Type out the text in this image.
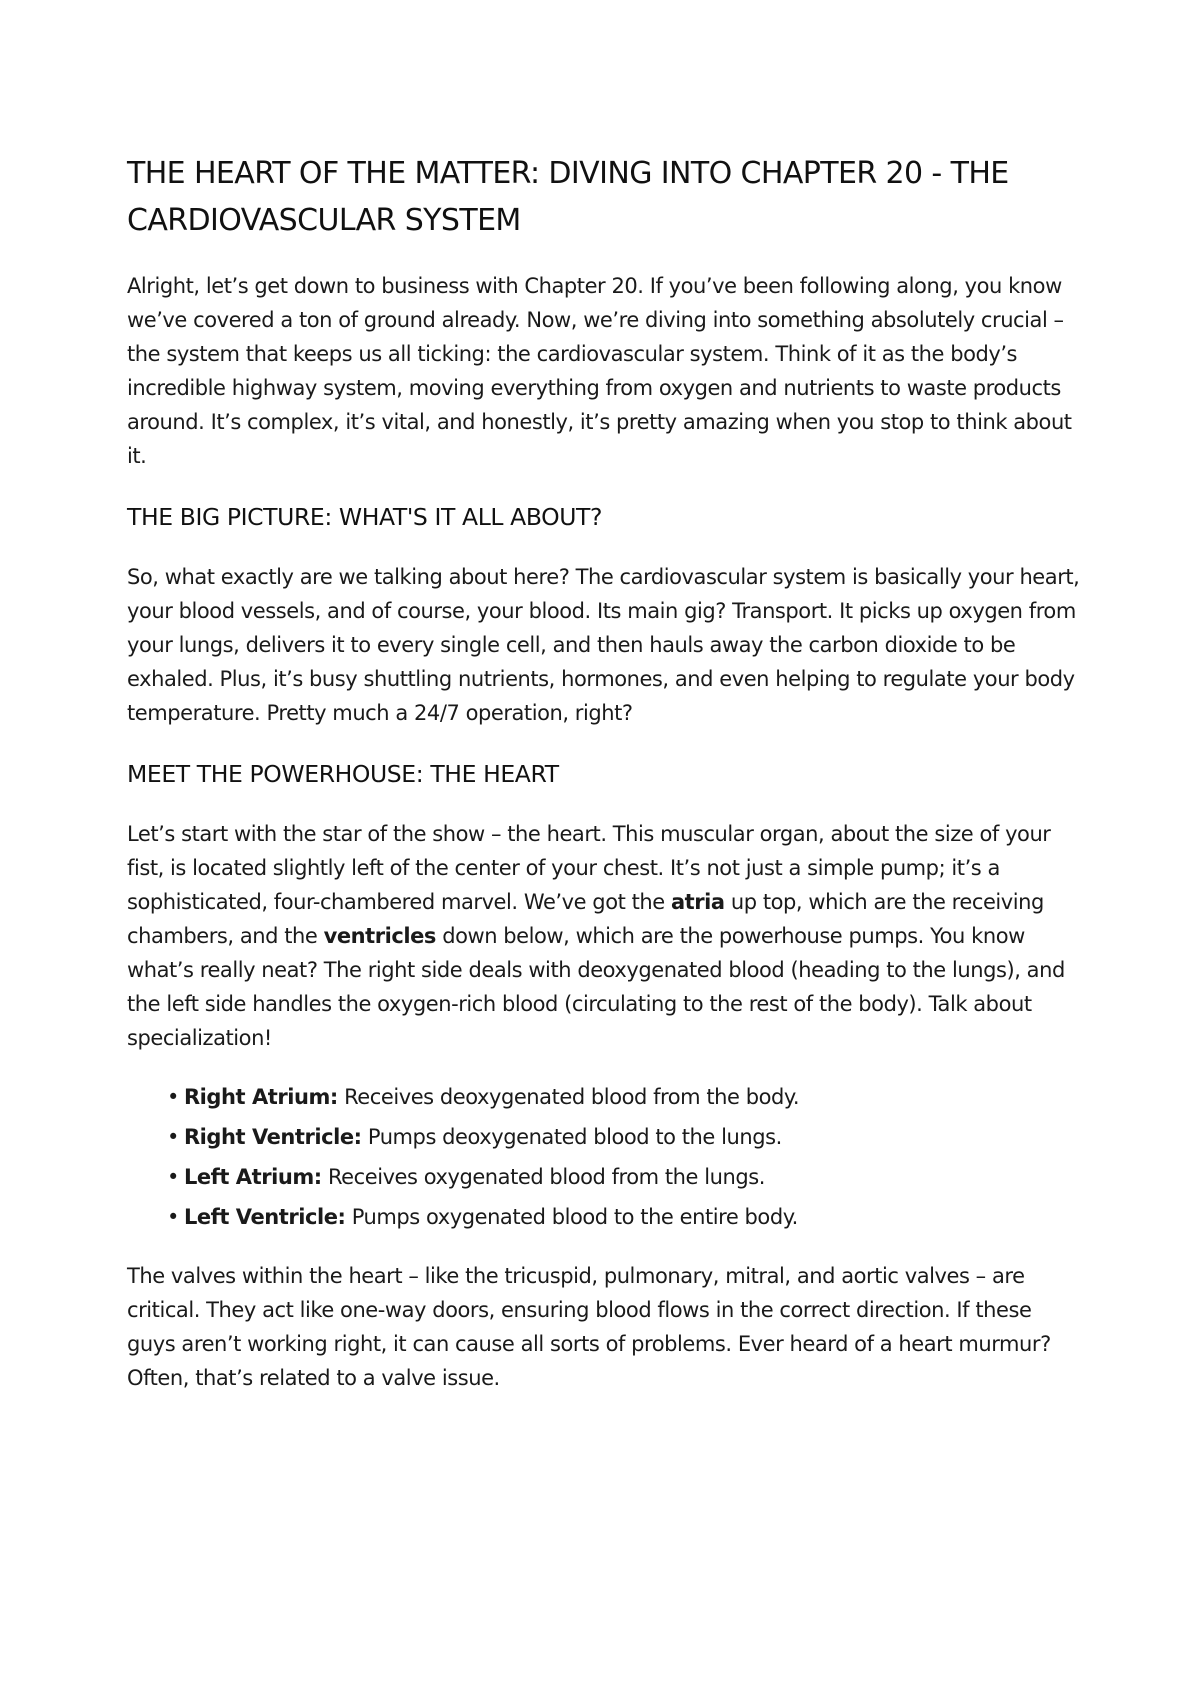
THE HEART OF THE MATTER: DIVING INTO CHAPTER 20 - THE CARDIOVASCULAR SYSTEM

Alright, let’s get down to business with Chapter 20. If you’ve been following along, you know we’ve covered a ton of ground already. Now, we’re diving into something absolutely crucial – the system that keeps us all ticking: the cardiovascular system. Think of it as the body’s incredible highway system, moving everything from oxygen and nutrients to waste products around. It’s complex, it’s vital, and honestly, it’s pretty amazing when you stop to think about it.

THE BIG PICTURE: WHAT'S IT ALL ABOUT?

So, what exactly are we talking about here? The cardiovascular system is basically your heart, your blood vessels, and of course, your blood. Its main gig? Transport. It picks up oxygen from your lungs, delivers it to every single cell, and then hauls away the carbon dioxide to be exhaled. Plus, it’s busy shuttling nutrients, hormones, and even helping to regulate your body temperature. Pretty much a 24/7 operation, right?

MEET THE POWERHOUSE: THE HEART

Let’s start with the star of the show – the heart. This muscular organ, about the size of your fist, is located slightly left of the center of your chest. It’s not just a simple pump; it’s a sophisticated, four-chambered marvel. We’ve got the atria up top, which are the receiving chambers, and the ventricles down below, which are the powerhouse pumps. You know what’s really neat? The right side deals with deoxygenated blood (heading to the lungs), and the left side handles the oxygen-rich blood (circulating to the rest of the body). Talk about specialization!

• Right Atrium: Receives deoxygenated blood from the body.
• Right Ventricle: Pumps deoxygenated blood to the lungs.
• Left Atrium: Receives oxygenated blood from the lungs.
• Left Ventricle: Pumps oxygenated blood to the entire body.

The valves within the heart – like the tricuspid, pulmonary, mitral, and aortic valves – are critical. They act like one-way doors, ensuring blood flows in the correct direction. If these guys aren’t working right, it can cause all sorts of problems. Ever heard of a heart murmur? Often, that’s related to a valve issue.
